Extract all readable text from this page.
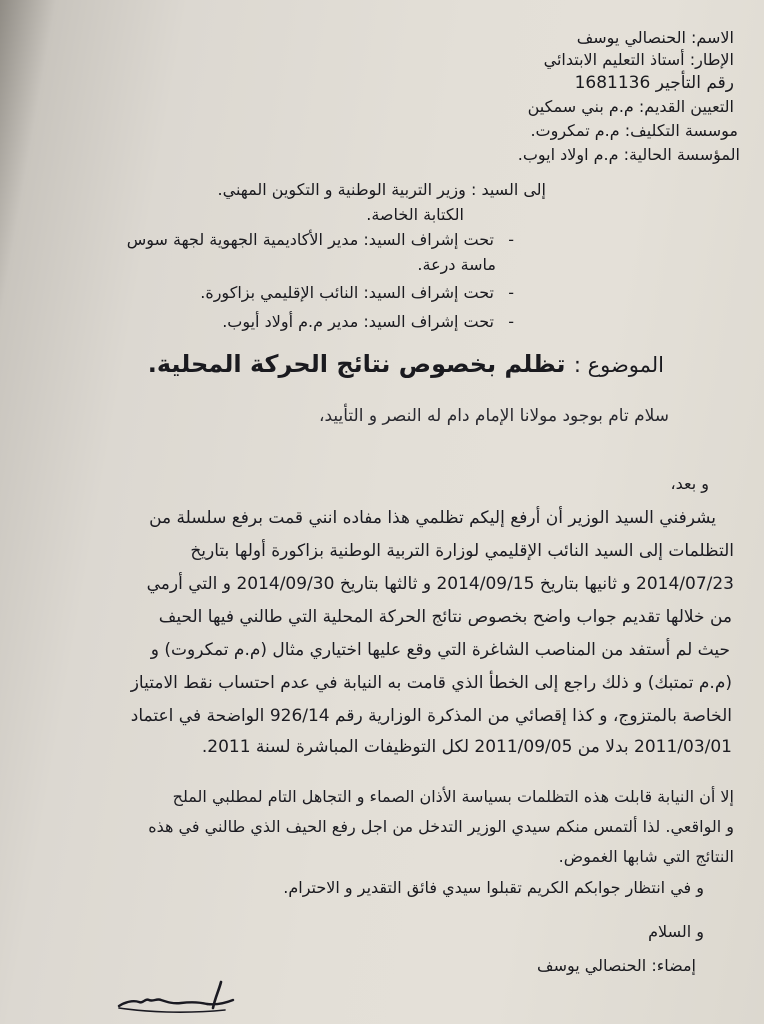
الاسم: الحنصالي يوسف
الإطار: أستاذ التعليم الابتدائي
رقم التأجير 1681136
التعيين القديم: م.م بني سمكين
موسسة التكليف: م.م تمكروت.
المؤسسة الحالية: م.م اولاد ايوب.
إلى السيد : وزير التربية الوطنية و التكوين المهني.
الكتابة الخاصة.
-
تحت إشراف السيد: مدير الأكاديمية الجهوية لجهة سوس
ماسة درعة.
-
تحت إشراف السيد: النائب الإقليمي بزاكورة.
-
تحت إشراف السيد: مدير م.م أولاد أيوب.
الموضوع : تظلم بخصوص نتائج الحركة المحلية.
سلام تام بوجود مولانا الإمام دام له النصر و التأييد،
و بعد،
يشرفني السيد الوزير أن أرفع إليكم تظلمي هذا مفاده انني قمت برفع سلسلة من
التظلمات إلى السيد النائب الإقليمي لوزارة التربية الوطنية بزاكورة أولها بتاريخ
2014/07/23 و ثانيها بتاريخ 2014/09/15 و ثالثها بتاريخ 2014/09/30 و التي أرمي
من خلالها تقديم جواب واضح بخصوص نتائج الحركة المحلية التي طالني فيها الحيف
حيث لم أستفد من المناصب الشاغرة التي وقع عليها اختياري مثال (م.م تمكروت) و
(م.م تمتبك) و ذلك راجع إلى الخطأ الذي قامت به النيابة في عدم احتساب نقط الامتياز
الخاصة بالمتزوج، و كذا إقصائي من المذكرة الوزارية رقم 926/14 الواضحة في اعتماد
2011/03/01 بدلا من 2011/09/05 لكل التوظيفات المباشرة لسنة 2011.
إلا أن النيابة قابلت هذه التظلمات بسياسة الأذان الصماء و التجاهل التام لمطلبي الملح
و الواقعي. لذا ألتمس منكم سيدي الوزير التدخل من اجل رفع الحيف الذي طالني في هذه
النتائج التي شابها الغموض.
و في انتظار جوابكم الكريم تقبلوا سيدي فائق التقدير و الاحترام.
و السلام
إمضاء: الحنصالي يوسف
